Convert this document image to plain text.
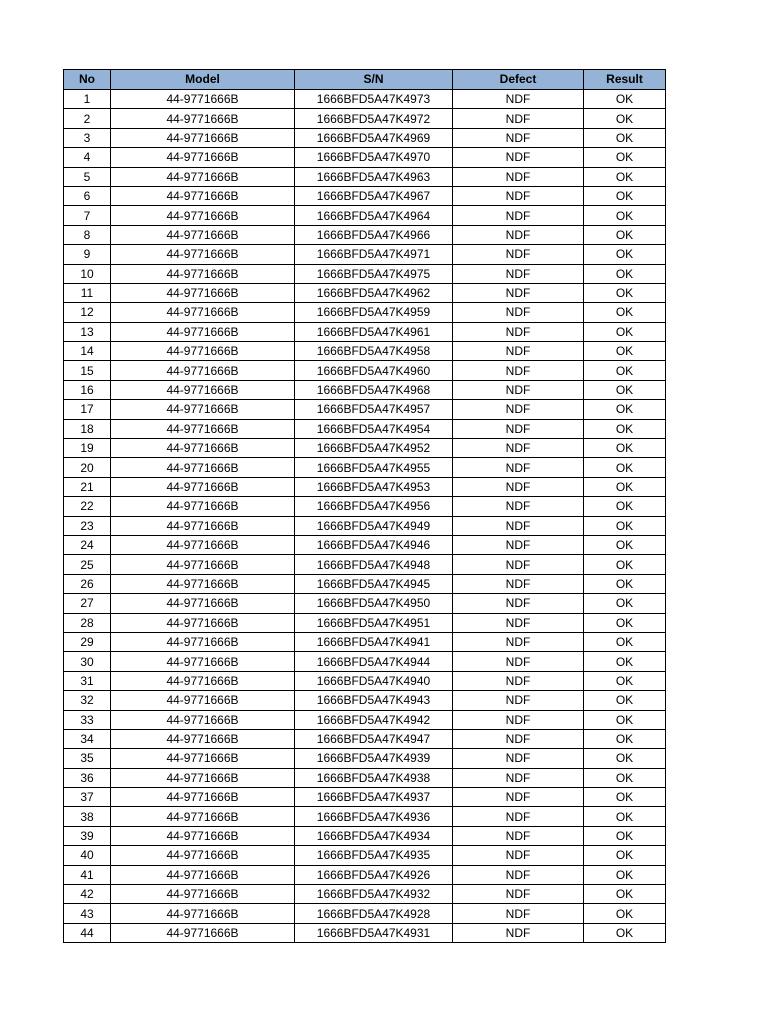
No	Model	S/N	Defect	Result
1	44-9771666B	1666BFD5A47K4973	NDF	OK
2	44-9771666B	1666BFD5A47K4972	NDF	OK
3	44-9771666B	1666BFD5A47K4969	NDF	OK
4	44-9771666B	1666BFD5A47K4970	NDF	OK
5	44-9771666B	1666BFD5A47K4963	NDF	OK
6	44-9771666B	1666BFD5A47K4967	NDF	OK
7	44-9771666B	1666BFD5A47K4964	NDF	OK
8	44-9771666B	1666BFD5A47K4966	NDF	OK
9	44-9771666B	1666BFD5A47K4971	NDF	OK
10	44-9771666B	1666BFD5A47K4975	NDF	OK
11	44-9771666B	1666BFD5A47K4962	NDF	OK
12	44-9771666B	1666BFD5A47K4959	NDF	OK
13	44-9771666B	1666BFD5A47K4961	NDF	OK
14	44-9771666B	1666BFD5A47K4958	NDF	OK
15	44-9771666B	1666BFD5A47K4960	NDF	OK
16	44-9771666B	1666BFD5A47K4968	NDF	OK
17	44-9771666B	1666BFD5A47K4957	NDF	OK
18	44-9771666B	1666BFD5A47K4954	NDF	OK
19	44-9771666B	1666BFD5A47K4952	NDF	OK
20	44-9771666B	1666BFD5A47K4955	NDF	OK
21	44-9771666B	1666BFD5A47K4953	NDF	OK
22	44-9771666B	1666BFD5A47K4956	NDF	OK
23	44-9771666B	1666BFD5A47K4949	NDF	OK
24	44-9771666B	1666BFD5A47K4946	NDF	OK
25	44-9771666B	1666BFD5A47K4948	NDF	OK
26	44-9771666B	1666BFD5A47K4945	NDF	OK
27	44-9771666B	1666BFD5A47K4950	NDF	OK
28	44-9771666B	1666BFD5A47K4951	NDF	OK
29	44-9771666B	1666BFD5A47K4941	NDF	OK
30	44-9771666B	1666BFD5A47K4944	NDF	OK
31	44-9771666B	1666BFD5A47K4940	NDF	OK
32	44-9771666B	1666BFD5A47K4943	NDF	OK
33	44-9771666B	1666BFD5A47K4942	NDF	OK
34	44-9771666B	1666BFD5A47K4947	NDF	OK
35	44-9771666B	1666BFD5A47K4939	NDF	OK
36	44-9771666B	1666BFD5A47K4938	NDF	OK
37	44-9771666B	1666BFD5A47K4937	NDF	OK
38	44-9771666B	1666BFD5A47K4936	NDF	OK
39	44-9771666B	1666BFD5A47K4934	NDF	OK
40	44-9771666B	1666BFD5A47K4935	NDF	OK
41	44-9771666B	1666BFD5A47K4926	NDF	OK
42	44-9771666B	1666BFD5A47K4932	NDF	OK
43	44-9771666B	1666BFD5A47K4928	NDF	OK
44	44-9771666B	1666BFD5A47K4931	NDF	OK
